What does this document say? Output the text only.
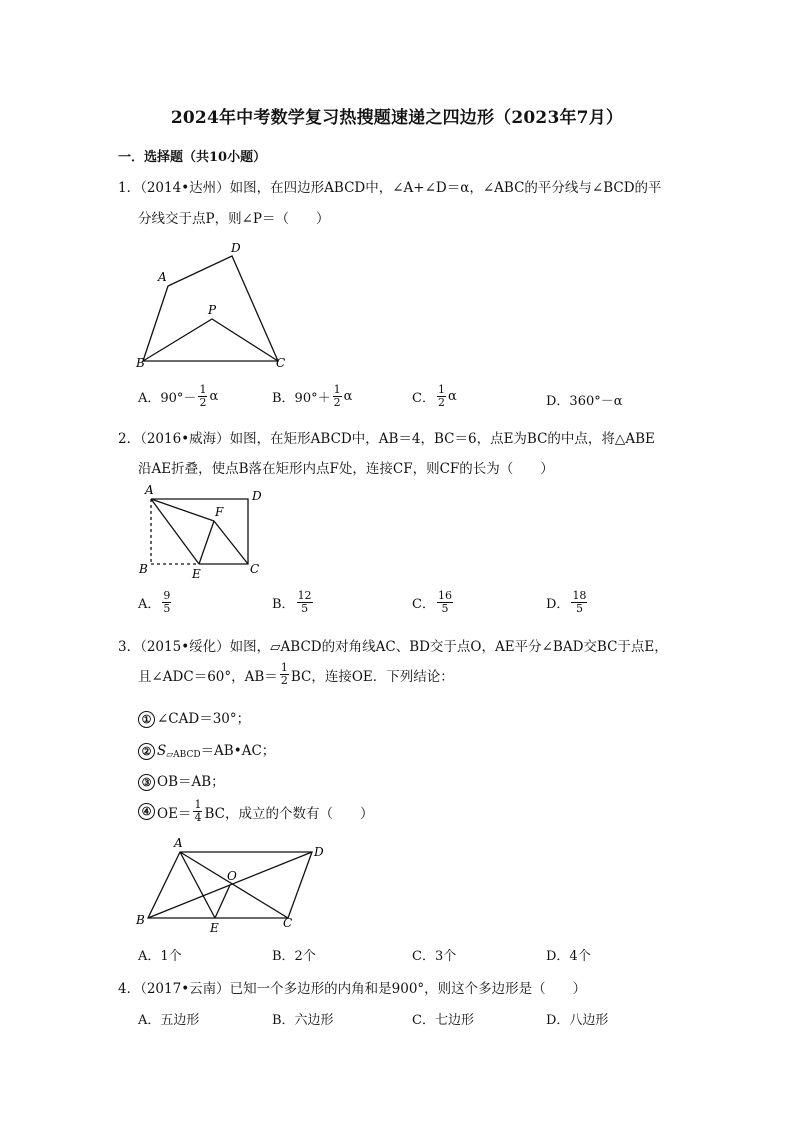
2024年中考数学复习热搜题速递之四边形（2023年7月）
一．选择题（共10小题）
1．（2014•达州）如图，在四边形ABCD中，∠A+∠D＝α，∠ABC的平分线与∠BCD的平
分线交于点P，则∠P＝（　　）
A
D
P
B	C
A．$90^\circ- \frac{1}{2}$ α	B．$90^\circ+ \frac{1}{2}$ α	C． $\frac{1}{2}$ α	D．360°－α
2．（2016•威海）如图，在矩形ABCD中，AB＝4，BC＝6，点E为BC的中点，将△ABE
沿AE折叠，使点B落在矩形内点F处，连接CF，则CF的长为（　　）
A	D
F
B	E	C
A． $\frac{9}{5}$	B． $\frac{12}{5}$	C． $\frac{16}{5}$	D． $\frac{18}{5}$
3．（2015•绥化）如图，▱ABCD的对角线AC、BD交于点O，AE平分∠BAD交BC于点E，
且∠ADC＝60°，$AB= \frac{1}{2}$ BC，连接OE．下列结论：
① ∠CAD＝30°；
② $S_{▱ABCD}=AB•AC$；
③ OB＝AB；
④ $OE= \frac{1}{4}$ BC，成立的个数有（　　）
A
D
O
B
E	C
A．1个	B．2个	C．3个	D．4个
4．（2017•云南）已知一个多边形的内角和是900°，则这个多边形是（　　）
A．五边形	B．六边形	C．七边形	D．八边形
